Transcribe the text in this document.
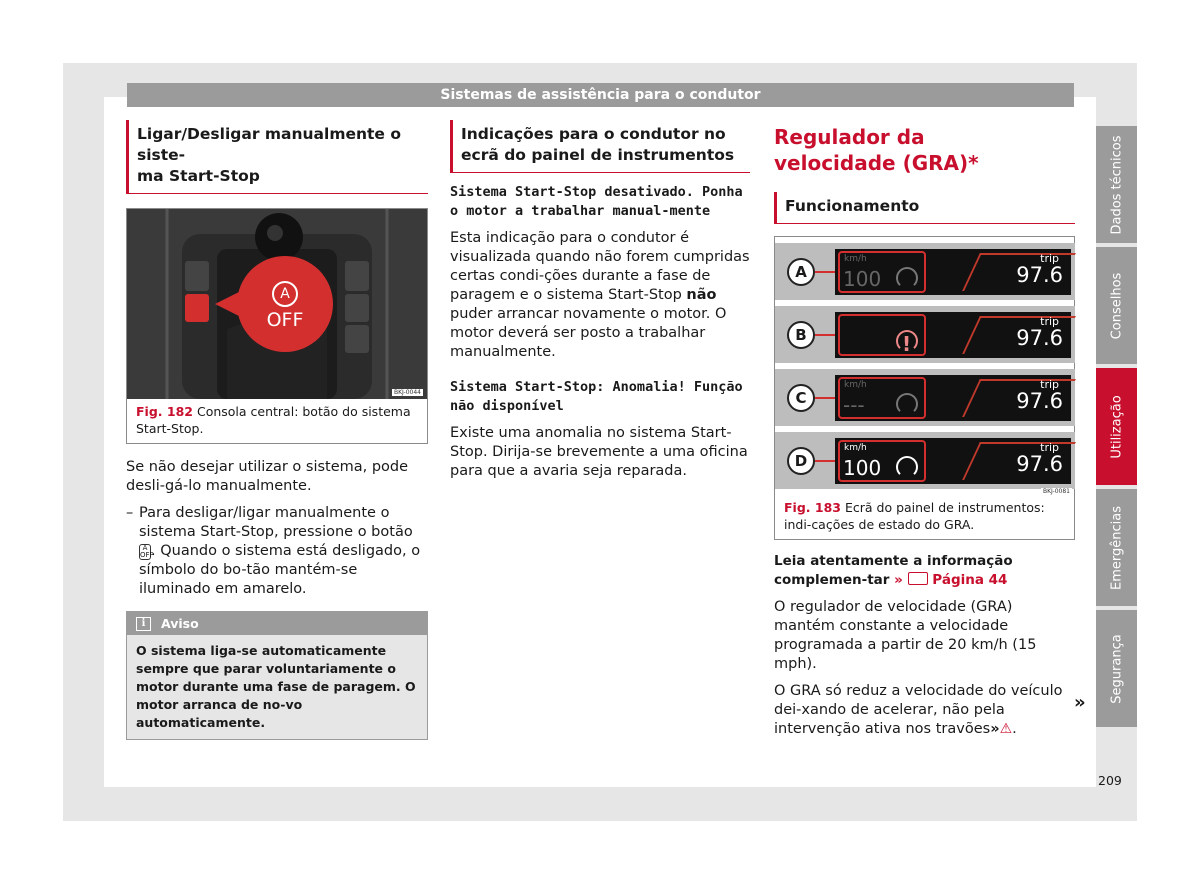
Sistemas de assistência para o condutor
Ligar/Desligar manualmente o siste-
ma Start-Stop
A
OFF
BKJ-0044
Fig. 182 Consola central: botão do sistema Start-Stop.

Se não desejar utilizar o sistema, pode desli-gá-lo manualmente.

– Para desligar/ligar manualmente o sistema Start-Stop, pressione o botão A
OFF. Quando o sistema está desligado, o símbolo do bo-tão mantém-se iluminado em amarelo.
i	Aviso
O sistema liga-se automaticamente sempre que parar voluntariamente o motor durante uma fase de paragem. O motor arranca de no-vo automaticamente.
Indicações para o condutor no ecrã do painel de instrumentos
Sistema Start-Stop desativado. Ponha o motor a trabalhar manual-mente

Esta indicação para o condutor é visualizada quando não forem cumpridas certas condi-ções durante a fase de paragem e o sistema Start-Stop não puder arrancar novamente o motor. O motor deverá ser posto a trabalhar manualmente.

Sistema Start-Stop: Anomalia! Função não disponível

Existe uma anomalia no sistema Start-Stop. Dirija-se brevemente a uma oficina para que a avaria seja reparada.

Regulador da velocidade (GRA)*
Funcionamento
A
km/h
100
trip
97.6
B	!
trip
97.6
C
km/h
---
trip
97.6
D
km/h
100
trip
97.6
BKJ-0081
Fig. 183 Ecrã do painel de instrumentos: indi-cações de estado do GRA.
Leia atentamente a informação complemen-tar » Página 44

O regulador de velocidade (GRA) mantém constante a velocidade programada a partir de 20 km/h (15 mph).

O GRA só reduz a velocidade do veículo dei-xando de acelerar, não pela intervenção ativa nos travões»⚠.

»
Dados técnicos
Conselhos
Utilização
Emergências
Segurança
209
